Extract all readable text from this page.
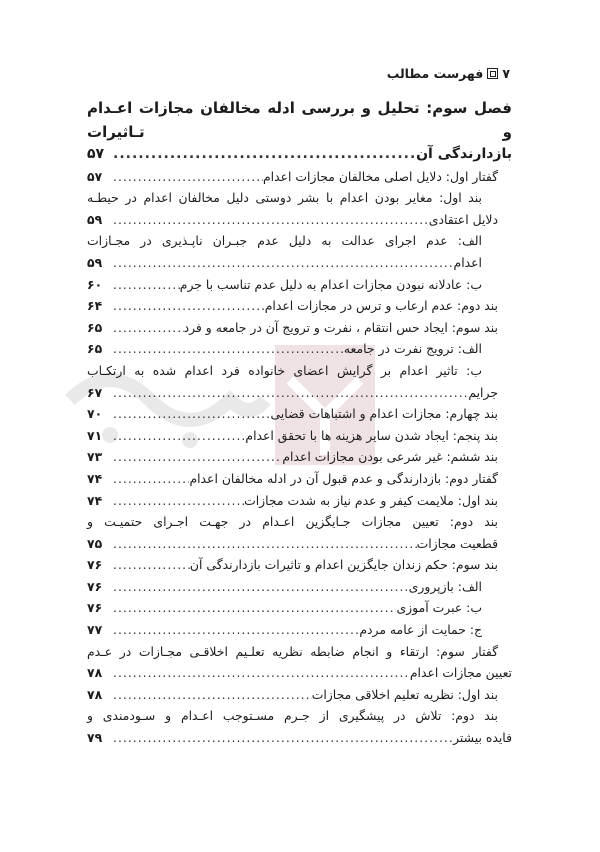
۷
فهرست مطالب
فصل سوم: تحلیل و بررسی ادله مخالفان مجازات اعـدام و تـاثیرات
بازدارندگی آن
.....
۵۷
گفتار اول: دلایل اصلی مخالفان مجازات اعدام
.....
۵۷
بند اول: مغایر بودن اعدام با بشر دوستی دلیل مخالفان اعدام در حیطـه
دلایل اعتقادی
.....
۵۹
الف: عدم اجرای عدالت به دلیل عدم جبـران ناپـذیری در مجـازات
اعدام
.....
۵۹
ب: عادلانه نبودن مجازات اعدام به دلیل عدم تناسب با جرم
.....
۶۰
بند دوم: عدم ارعاب و ترس در مجازات اعدام
.....
۶۴
بند سوم: ایجاد حس انتقام ، نفرت و ترویج آن در جامعه و فرد
.....
۶۵
الف: ترویج نفرت در جامعه
.....
۶۵
ب: تاثیر اعدام بر گرایش اعضای خانواده فرد اعدام شده به ارتکـاب
جرایم
.....
۶۷
بند چهارم: مجازات اعدام و اشتباهات قضایی
.....
۷۰
بند پنجم: ایجاد شدن سایر هزینه ها با تحقق اعدام
.....
۷۱
بند ششم: غیر شرعی بودن مجازات اعدام
.....
۷۳
گفتار دوم: بازدارندگی و عدم قبول آن در ادله مخالفان اعدام
.....
۷۴
بند اول: ملایمت کیفر و عدم نیاز به شدت مجازات
.....
۷۴
بند دوم: تعیین مجازات جـایگزین اعـدام در جهـت اجـرای حتمیـت و
قطعیت مجازات
.....
۷۵
بند سوم: حکم زندان جایگزین اعدام و تاثیرات بازدارندگی آن
.....
۷۶
الف: بازپروری
.....
۷۶
ب: عبرت آموزی
.....
۷۶
ج: حمایت از عامه مردم
.....
۷۷
گفتار سوم: ارتقاء و انجام ضابطه نظریه تعلـیم اخلاقـی مجـازات در عـدم
تعیین مجازات اعدام
.....
۷۸
بند اول: نظریه تعلیم اخلاقی مجازات
.....
۷۸
بند دوم: تلاش در پیشگیری از جـرم مسـتوجب اعـدام و سـودمندی و
فایده بیشتر
.....
۷۹
